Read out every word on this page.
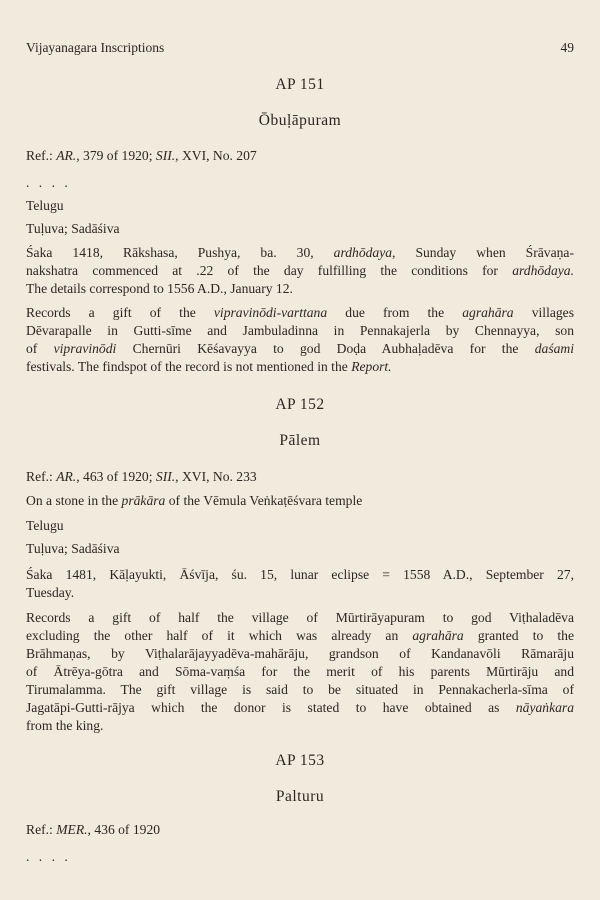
Vijayanagara Inscriptions	49
AP 151
Ōbuḷāpuram
Ref.: AR., 379 of 1920; SII., XVI, No. 207
. . . .
Telugu
Tuḷuva; Sadāśiva
Śaka 1418, Rākshasa, Pushya, ba. 30, ardhōdaya, Sunday when Śrāvaṇa-
nakshatra commenced at .22 of the day fulfilling the conditions for ardhōdaya.
The details correspond to 1556 A.D., January 12.
Records a gift of the vipravinōdi-varttana due from the agrahāra villages
Dēvarapalle in Gutti-sīme and Jambuladinna in Pennakajerla by Chennayya, son
of vipravinōdi Chernūri Kēśavayya to god Doḍa Aubhaḷadēva for the daśami
festivals. The findspot of the record is not mentioned in the Report.
AP 152
Pālem
Ref.: AR., 463 of 1920; SII., XVI, No. 233
On a stone in the prākāra of the Vēmula Veṅkaṭēśvara temple
Telugu
Tuḷuva; Sadāśiva
Śaka 1481, Kāḷayukti, Āśvīja, śu. 15, lunar eclipse = 1558 A.D., September 27,
Tuesday.
Records a gift of half the village of Mūrtirāyapuram to god Viṭhaladēva
excluding the other half of it which was already an agrahāra granted to the
Brāhmaṇas, by Viṭhalarājayyadēva-mahārāju, grandson of Kandanavōli Rāmarāju
of Ātrēya-gōtra and Sōma-vaṃśa for the merit of his parents Mūrtirāju and
Tirumalamma. The gift village is said to be situated in Pennakacherla-sīma of
Jagatāpi-Gutti-rājya which the donor is stated to have obtained as nāyaṅkara
from the king.
AP 153
Palturu
Ref.: MER., 436 of 1920
. . . .
